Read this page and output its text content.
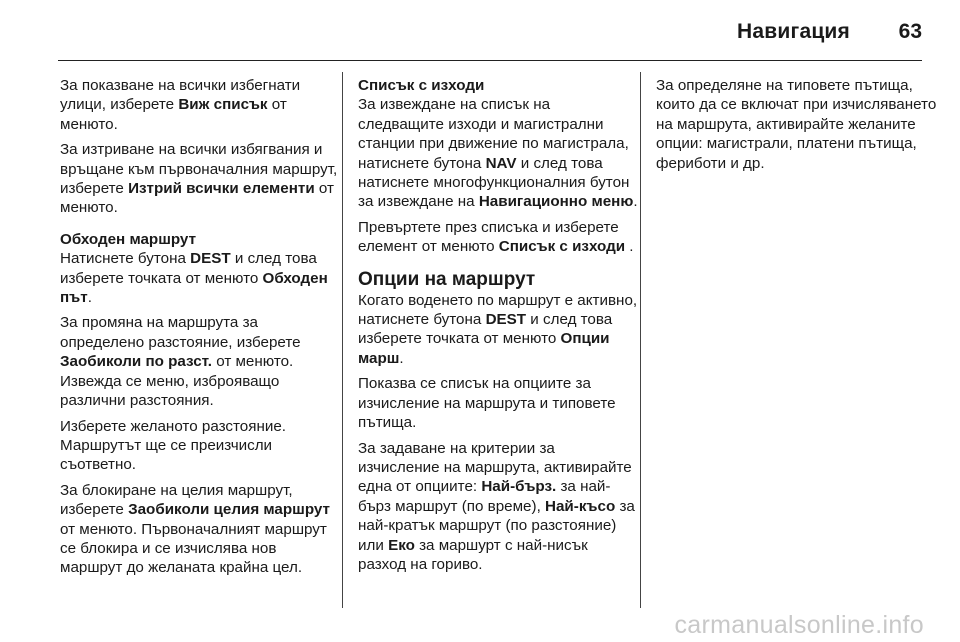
Навигация 63

За показване на всички избегнати улици, изберете Виж списък от менюто.

За изтриване на всички избягвания и връщане към първоначалния маршрут, изберете Изтрий всички елементи от менюто.

Обходен маршрут

Натиснете бутона DEST и след това изберете точката от менюто Обходен път.

За промяна на маршрута за определено разстояние, изберете Заобиколи по разст. от менюто. Извежда се меню, изброяващо различни разстояния.

Изберете желаното разстояние. Маршрутът ще се преизчисли съответно.

За блокиране на целия маршрут, изберете Заобиколи целия маршрут от менюто. Първоначалният маршрут се блокира и се изчислява нов маршрут до желаната крайна цел.

Списък с изходи

За извеждане на списък на следващите изходи и магистрални станции при движение по магистрала, натиснете бутона NAV и след това натиснете многофункционалния бутон за извеждане на Навигационно меню.

Превъртете през списъка и изберете елемент от менюто Списък с изходи .

Опции на маршрут

Когато воденето по маршрут е активно, натиснете бутона DEST и след това изберете точката от менюто Опции марш.

Показва се списък на опциите за изчисление на маршрута и типовете пътища.

За задаване на критерии за изчисление на маршрута, активирайте една от опциите: Най-бърз. за най-бърз маршрут (по време), Най-късо за най-кратък маршрут (по разстояние) или Еко за маршурт с най-нисък разход на гориво.

За определяне на типовете пътища, които да се включат при изчисляването на маршрута, активирайте желаните опции: магистрали, платени пътища, фериботи и др.

carmanualsonline.info
